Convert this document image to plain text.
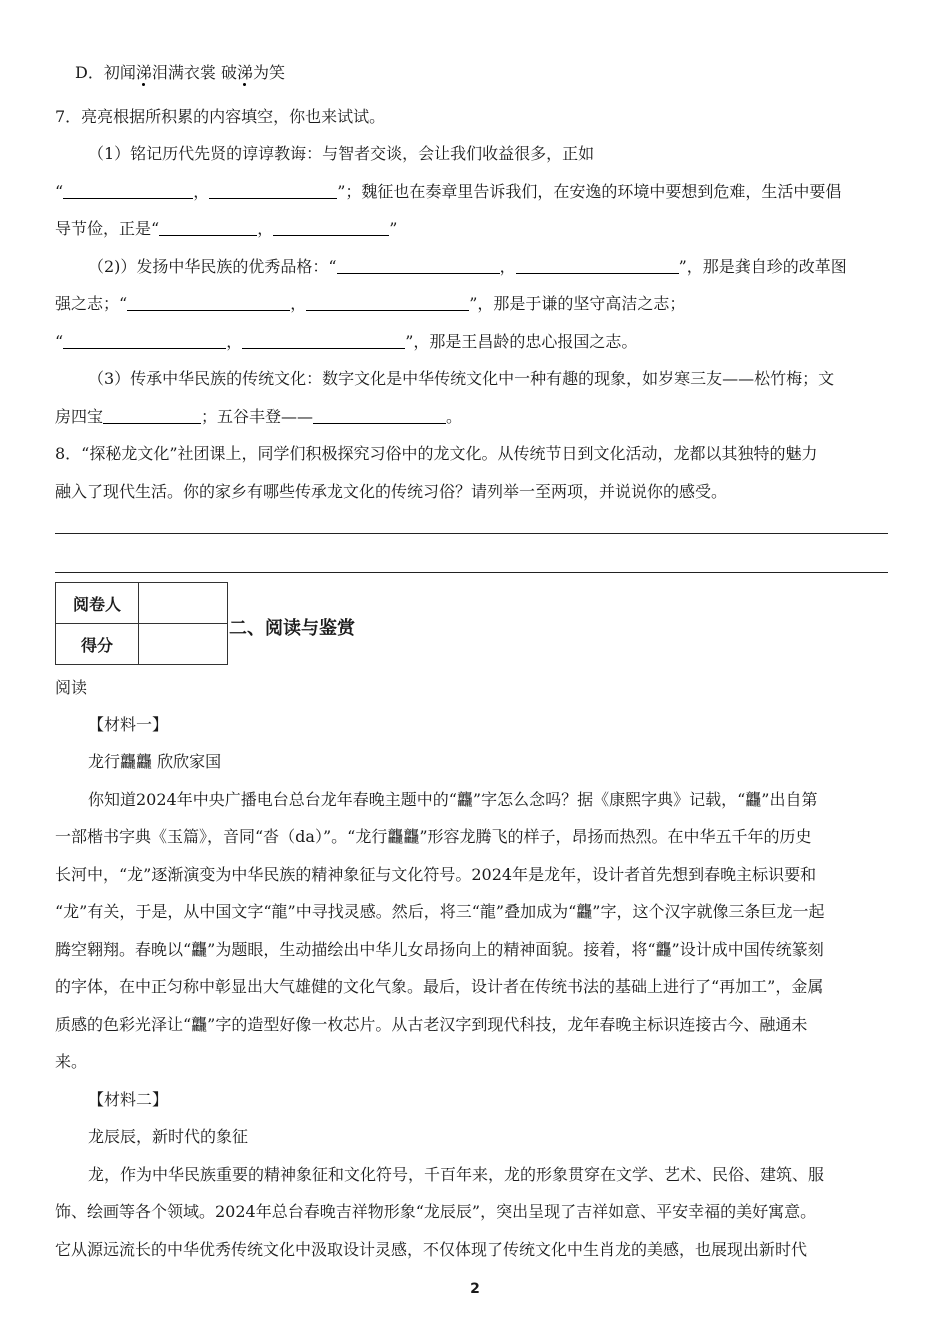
D．初闻涕泪满衣裳 破涕为笑
7．亮亮根据所积累的内容填空，你也来试试。
（1）铭记历代先贤的谆谆教诲：与智者交谈，会让我们收益很多，正如
“	，	”；魏征也在奏章里告诉我们，在安逸的环境中要想到危难，生活中要倡
导节俭，正是“	，	”
（2)）发扬中华民族的优秀品格：“	，	”，那是龚自珍的改革图
强之志；“	，	”，那是于谦的坚守高洁之志；
“	，	”，那是王昌龄的忠心报国之志。
（3）传承中华民族的传统文化：数字文化是中华传统文化中一种有趣的现象，如岁寒三友——松竹梅；文
房四宝	；五谷丰登——	。
8．“探秘龙文化”社团课上，同学们积极探究习俗中的龙文化。从传统节日到文化活动，龙都以其独特的魅力
融入了现代生活。你的家乡有哪些传承龙文化的传统习俗？请列举一至两项，并说说你的感受。
阅卷人	
得分	
二、阅读与鉴赏
阅读
【材料一】
龙行龘龘 欣欣家国
你知道2024年中央广播电台总台龙年春晚主题中的“龘”字怎么念吗？据《康熙字典》记载，“龘”出自第
一部楷书字典《玉篇》，音同“沓（da）”。“龙行龘龘”形容龙腾飞的样子，昂扬而热烈。在中华五千年的历史
长河中，“龙”逐渐演变为中华民族的精神象征与文化符号。2024年是龙年，设计者首先想到春晚主标识要和
“龙”有关，于是，从中国文字“龍”中寻找灵感。然后，将三“龍”叠加成为“龘”字，这个汉字就像三条巨龙一起
腾空翱翔。春晚以“龘”为题眼，生动描绘出中华儿女昂扬向上的精神面貌。接着，将“龘”设计成中国传统篆刻
的字体，在中正匀称中彰显出大气雄健的文化气象。最后，设计者在传统书法的基础上进行了“再加工”，金属
质感的色彩光泽让“龘”字的造型好像一枚芯片。从古老汉字到现代科技，龙年春晚主标识连接古今、融通未
来。
【材料二】
龙辰辰，新时代的象征
龙，作为中华民族重要的精神象征和文化符号，千百年来，龙的形象贯穿在文学、艺术、民俗、建筑、服
饰、绘画等各个领域。2024年总台春晚吉祥物形象“龙辰辰”，突出呈现了吉祥如意、平安幸福的美好寓意。
它从源远流长的中华优秀传统文化中汲取设计灵感，不仅体现了传统文化中生肖龙的美感，也展现出新时代
2
